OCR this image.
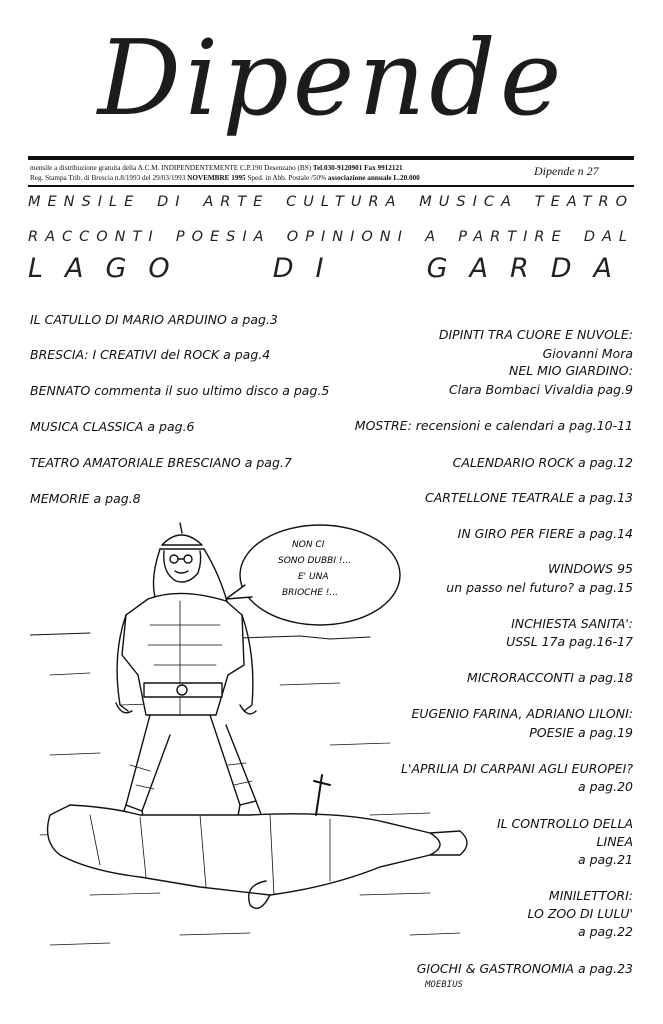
Dipende
mensile a distribuzione gratuita della A.C.M. INDIPENDENTEMENTE C.P.190 Desenzano (BS) Tel.030-9120901 Fax 9912121
Reg. Stampa Trib. di Brescia n.8/1993 del 29/03/1993 NOVEMBRE 1995 Sped. in Abb. Postale /50% associazione annuale L.20.000	Dipende n 27
MENSILE DI ARTE CULTURA MUSICA TEATRO
RACCONTI POESIA OPINIONI A PARTIRE DAL
LAGO DI GARDA
IL CATULLO DI MARIO ARDUINO a pag.3
BRESCIA: I CREATIVI del ROCK a pag.4
BENNATO commenta il suo ultimo disco a pag.5
MUSICA CLASSICA a pag.6
TEATRO AMATORIALE BRESCIANO a pag.7
MEMORIE a pag.8
DIPINTI TRA CUORE E NUVOLE:
Giovanni Mora
NEL MIO GIARDINO:
Clara Bombaci Vivaldia pag.9
MOSTRE: recensioni e calendari a pag.10-11
CALENDARIO ROCK a pag.12
CARTELLONE TEATRALE a pag.13
IN GIRO PER FIERE a pag.14
WINDOWS 95
un passo nel futuro? a pag.15
INCHIESTA SANITA':
USSL 17a pag.16-17
MICRORACCONTI a pag.18
EUGENIO FARINA, ADRIANO LILONI:
POESIE a pag.19
L'APRILIA DI CARPANI AGLI EUROPEI?
a pag.20
IL CONTROLLO DELLA
LINEA
a pag.21
MINILETTORI:
LO ZOO DI LULU'
a pag.22
GIOCHI & GASTRONOMIA a pag.23
NON CI
SONO DUBBI !...
E' UNA
BRIOCHE !...
MOEBIUS
